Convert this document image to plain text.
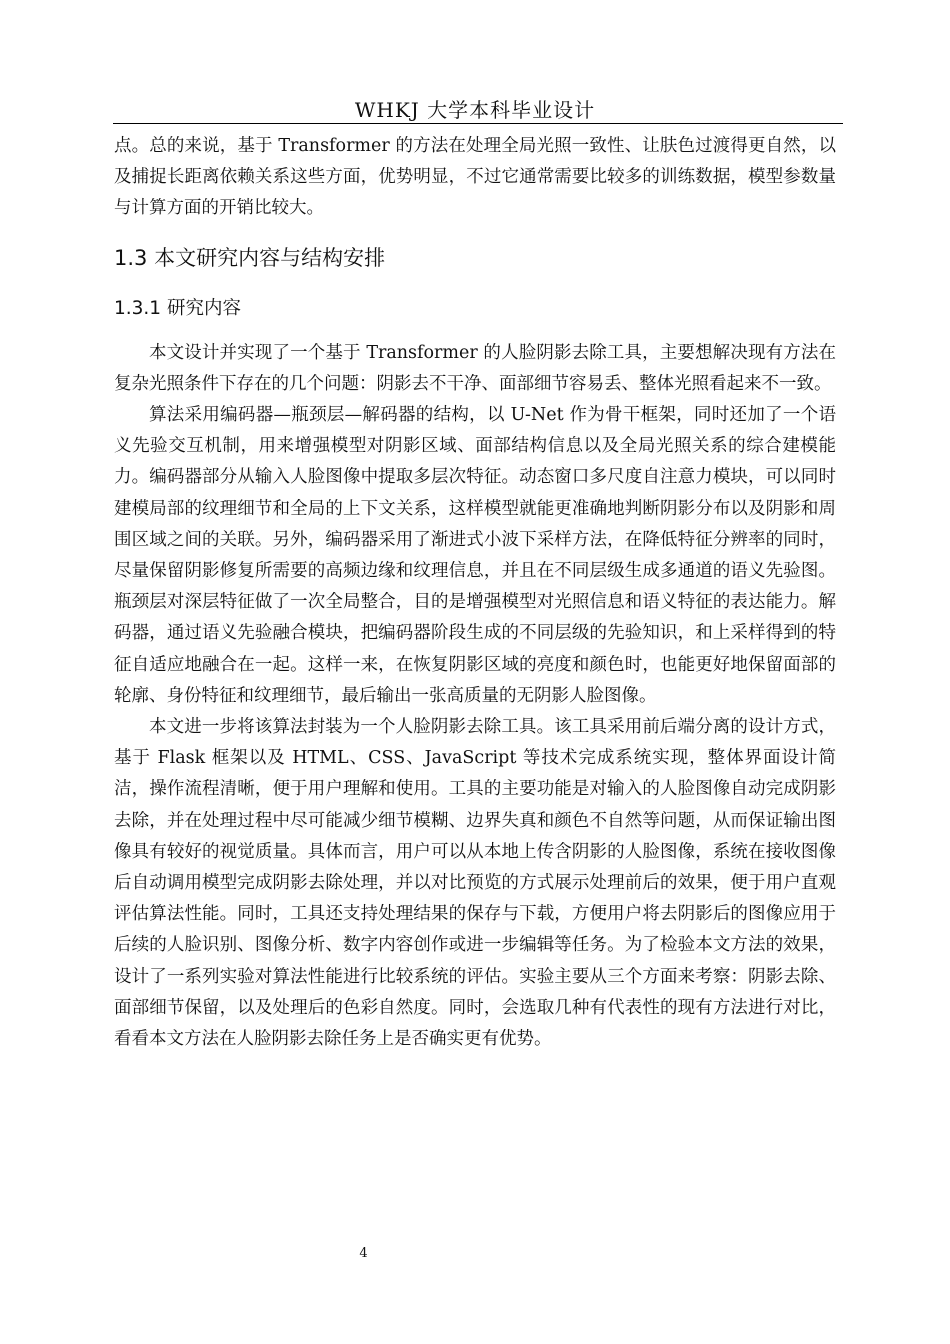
WHKJ 大学本科毕业设计

点。总的来说，基于 Transformer 的方法在处理全局光照一致性、让肤色过渡得更自然，以及捕捉长距离依赖关系这些方面，优势明显，不过它通常需要比较多的训练数据，模型参数量与计算方面的开销比较大。

1.3 本文研究内容与结构安排
1.3.1 研究内容

本文设计并实现了一个基于 Transformer 的人脸阴影去除工具，主要想解决现有方法在复杂光照条件下存在的几个问题：阴影去不干净、面部细节容易丢、整体光照看起来不一致。

算法采用编码器—瓶颈层—解码器的结构，以 U-Net 作为骨干框架，同时还加了一个语义先验交互机制，用来增强模型对阴影区域、面部结构信息以及全局光照关系的综合建模能力。编码器部分从输入人脸图像中提取多层次特征。动态窗口多尺度自注意力模块，可以同时建模局部的纹理细节和全局的上下文关系，这样模型就能更准确地判断阴影分布以及阴影和周围区域之间的关联。另外，编码器采用了渐进式小波下采样方法，在降低特征分辨率的同时，尽量保留阴影修复所需要的高频边缘和纹理信息，并且在不同层级生成多通道的语义先验图。瓶颈层对深层特征做了一次全局整合，目的是增强模型对光照信息和语义特征的表达能力。解码器，通过语义先验融合模块，把编码器阶段生成的不同层级的先验知识，和上采样得到的特征自适应地融合在一起。这样一来，在恢复阴影区域的亮度和颜色时，也能更好地保留面部的轮廓、身份特征和纹理细节，最后输出一张高质量的无阴影人脸图像。

本文进一步将该算法封装为一个人脸阴影去除工具。该工具采用前后端分离的设计方式，基于 Flask 框架以及 HTML、CSS、JavaScript 等技术完成系统实现，整体界面设计简洁，操作流程清晰，便于用户理解和使用。工具的主要功能是对输入的人脸图像自动完成阴影去除，并在处理过程中尽可能减少细节模糊、边界失真和颜色不自然等问题，从而保证输出图像具有较好的视觉质量。具体而言，用户可以从本地上传含阴影的人脸图像，系统在接收图像后自动调用模型完成阴影去除处理，并以对比预览的方式展示处理前后的效果，便于用户直观评估算法性能。同时，工具还支持处理结果的保存与下载，方便用户将去阴影后的图像应用于后续的人脸识别、图像分析、数字内容创作或进一步编辑等任务。为了检验本文方法的效果，设计了一系列实验对算法性能进行比较系统的评估。实验主要从三个方面来考察：阴影去除、面部细节保留，以及处理后的色彩自然度。同时，会选取几种有代表性的现有方法进行对比，看看本文方法在人脸阴影去除任务上是否确实更有优势。

4
